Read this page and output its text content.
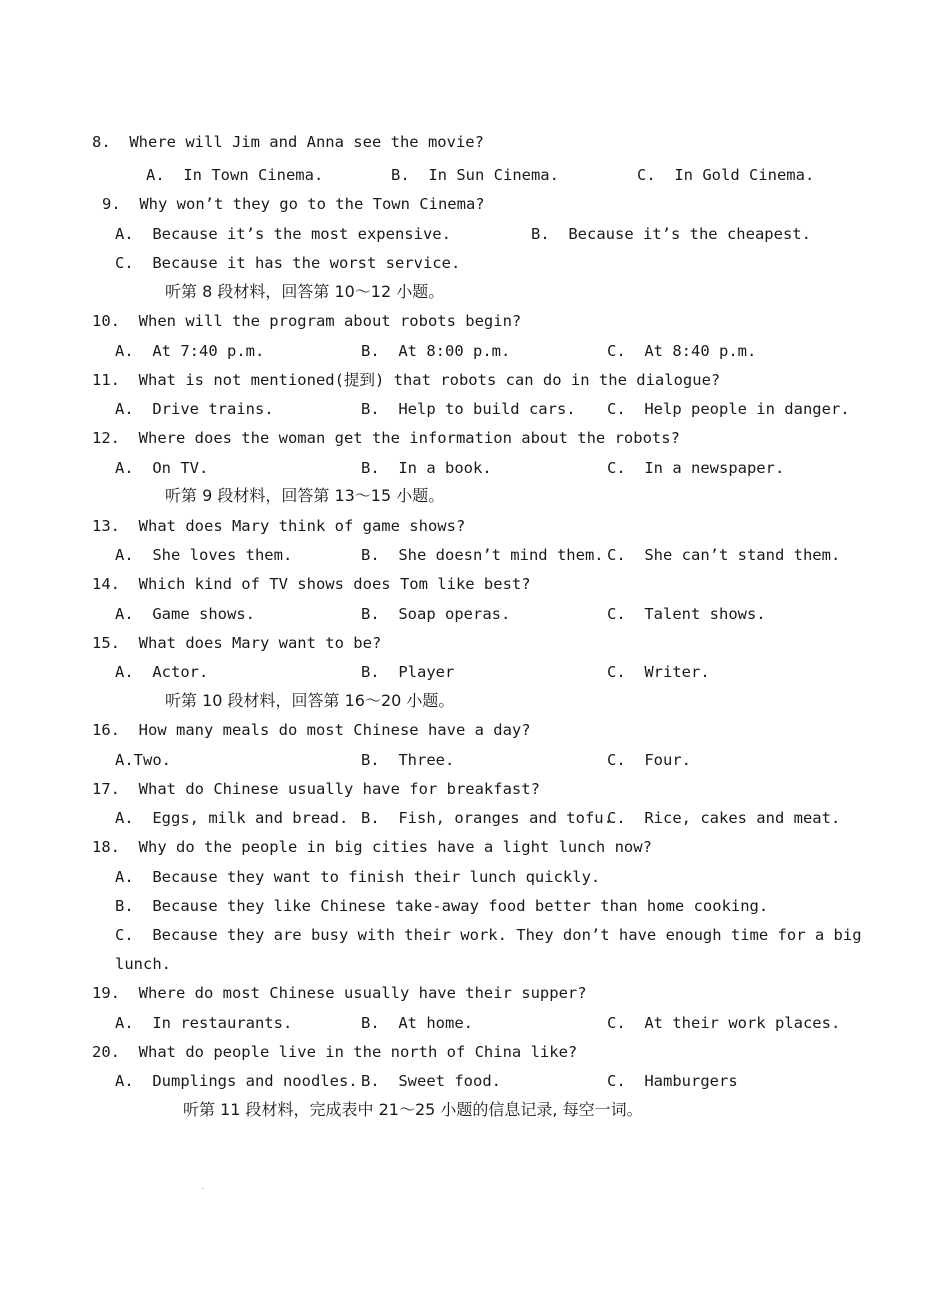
8.  Where will Jim and Anna see the movie?
A.  In Town Cinema.	B.  In Sun Cinema.	C.  In Gold Cinema.
9.  Why won’t they go to the Town Cinema?
A.  Because it’s the most expensive.	B.  Because it’s the cheapest.
C.  Because it has the worst service.
听第 8 段材料，回答第 10～12 小题。
10.  When will the program about robots begin?
A.  At 7:40 p.m.	B.  At 8:00 p.m.	C.  At 8:40 p.m.
11.  What is not mentioned(提到) that robots can do in the dialogue?
A.  Drive trains.	B.  Help to build cars. C.  Help people in danger.
12.  Where does the woman get the information about the robots?
A.  On TV.	B.  In a book.	C.  In a newspaper.
听第 9 段材料，回答第 13～15 小题。
13.  What does Mary think of game shows?
A.  She loves them.	B.  She doesn’t mind them. C.  She can’t stand them.
14.  Which kind of TV shows does Tom like best?
A.  Game shows.	B.  Soap operas.	C.  Talent shows.
15.  What does Mary want to be?
A.  Actor.	B.  Player	C.  Writer.
听第 10 段材料，回答第 16～20 小题。
16.  How many meals do most Chinese have a day?
A.Two.	B.  Three.	C.  Four.
17.  What do Chinese usually have for breakfast?
A.  Eggs, milk and bread. B.  Fish, oranges and tofu.
C.  Rice, cakes and meat.
18.  Why do the people in big cities have a light lunch now?
A.  Because they want to finish their lunch quickly.
B.  Because they like Chinese take-away food better than home cooking.
C.  Because they are busy with their work. They don’t have enough time for a big
lunch.
19.  Where do most Chinese usually have their supper?
A.  In restaurants.	B.  At home.	C.  At their work places.
20.  What do people live in the north of China like?
A.  Dumplings and noodles. B.  Sweet food.	C.  Hamburgers
听第 11 段材料，完成表中 21～25 小题的信息记录, 每空一词。
